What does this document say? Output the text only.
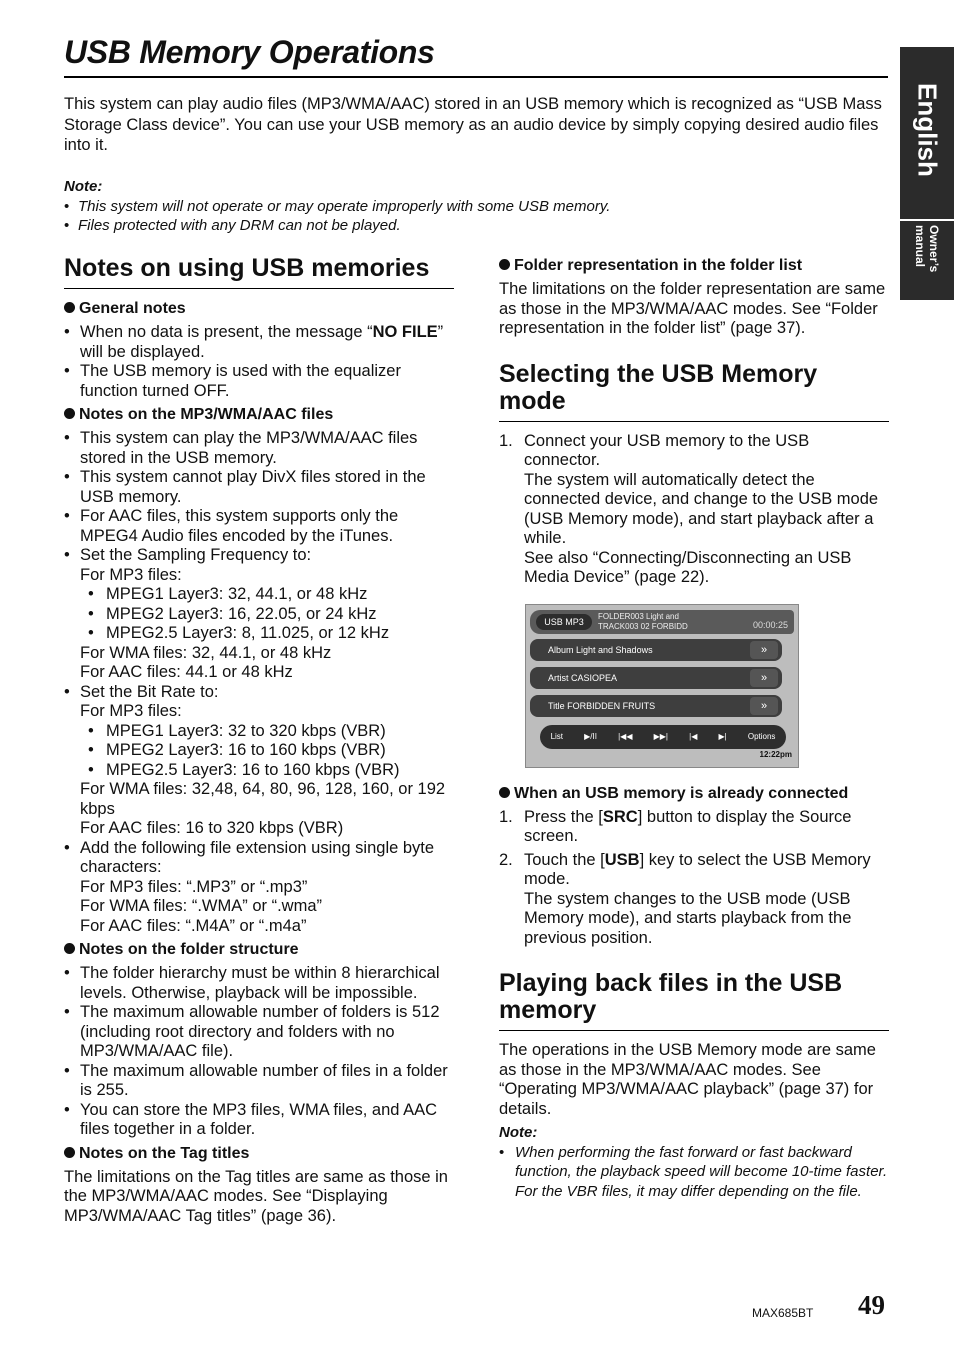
USB Memory Operations
English
Owner’s manual
This system can play audio files (MP3/WMA/AAC) stored in an USB memory which is recognized as “USB Mass Storage Class device”. You can use your USB memory as an audio device by simply copying desired audio files into it.
Note:
• This system will not operate or may operate improperly with some USB memory.
• Files protected with any DRM can not be played.
Notes on using USB memories
General notes
• When no data is present, the message “NO FILE” will be displayed.
• The USB memory is used with the equalizer function turned OFF.
Notes on the MP3/WMA/AAC files
• This system can play the MP3/WMA/AAC files stored in the USB memory.
• This system cannot play DivX files stored in the USB memory.
• For AAC files, this system supports only the MPEG4 Audio files encoded by the iTunes.
• Set the Sampling Frequency to:
For MP3 files:
• MPEG1 Layer3: 32, 44.1, or 48 kHz
• MPEG2 Layer3: 16, 22.05, or 24 kHz
• MPEG2.5 Layer3: 8, 11.025, or 12 kHz
For WMA files: 32, 44.1, or 48 kHz
For AAC files: 44.1 or 48 kHz
• Set the Bit Rate to:
For MP3 files:
• MPEG1 Layer3: 32 to 320 kbps (VBR)
• MPEG2 Layer3: 16 to 160 kbps (VBR)
• MPEG2.5 Layer3: 16 to 160 kbps (VBR)
For WMA files: 32,48, 64, 80, 96, 128, 160, or 192 kbps
For AAC files: 16 to 320 kbps (VBR)
• Add the following file extension using single byte characters:
For MP3 files: “.MP3” or “.mp3”
For WMA files: “.WMA” or “.wma”
For AAC files: “.M4A” or “.m4a”
Notes on the folder structure
• The folder hierarchy must be within 8 hierarchical levels. Otherwise, playback will be impossible.
• The maximum allowable number of folders is 512 (including root directory and folders with no MP3/WMA/AAC file).
• The maximum allowable number of files in a folder is 255.
• You can store the MP3 files, WMA files, and AAC files together in a folder.
Notes on the Tag titles

The limitations on the Tag titles are same as those in the MP3/WMA/AAC modes. See “Displaying MP3/WMA/AAC Tag titles” (page 36).

Folder representation in the folder list

The limitations on the folder representation are same as those in the MP3/WMA/AAC modes. See “Folder representation in the folder list” (page 37).

Selecting the USB Memory mode
1. Connect your USB memory to the USB connector.
The system will automatically detect the connected device, and change to the USB mode (USB Memory mode), and start playback after a while.
See also “Connecting/Disconnecting an USB Media Device” (page 22).
USB MP3
FOLDER003 Light and
TRACK003 02 FORBIDD	00:00:25
Album Light and Shadows	»
Artist CASIOPEA	»
Title FORBIDDEN FRUITS	»
List	▶/II	|◀◀	▶▶|	|◀	▶|	Options
12:22pm
When an USB memory is already connected
1. Press the [SRC] button to display the Source screen.
2. Touch the [USB] key to select the USB Memory mode.
The system changes to the USB mode (USB Memory mode), and starts playback from the previous position.
Playing back files in the USB memory

The operations in the USB Memory mode are same as those in the MP3/WMA/AAC modes. See “Operating MP3/WMA/AAC playback” (page 37) for details.

Note:
• When performing the fast forward or fast backward function, the playback speed will become 10-time faster. For the VBR files, it may differ depending on the file.
MAX685BT 49
